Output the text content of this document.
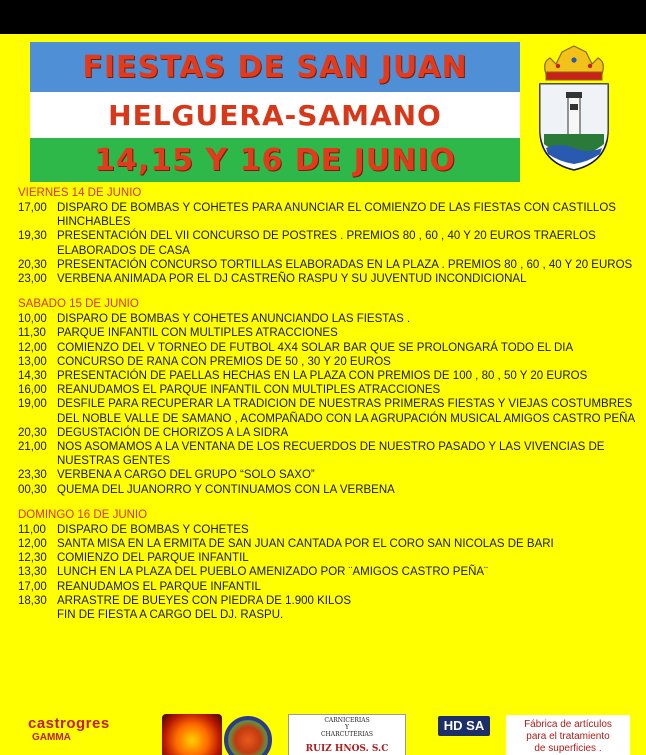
FIESTAS DE SAN JUAN
HELGUERA-SAMANO
14,15 Y 16 DE JUNIO
VIERNES 14 DE JUNIO
17,00 DISPARO DE BOMBAS Y COHETES PARA ANUNCIAR EL COMIENZO DE LAS FIESTAS CON CASTILLOS HINCHABLES
19,30 PRESENTACIÓN DEL VII CONCURSO DE POSTRES . PREMIOS 80 , 60 , 40 Y 20 EUROS TRAERLOS ELABORADOS DE CASA
20,30 PRESENTACIÓN CONCURSO TORTILLAS ELABORADAS EN LA PLAZA . PREMIOS 80 , 60 , 40 Y 20 EUROS
23,00 VERBENA ANIMADA POR EL DJ CASTREÑO RASPU Y SU JUVENTUD INCONDICIONAL
SABADO 15 DE JUNIO
10,00 DISPARO DE BOMBAS Y COHETES ANUNCIANDO LAS FIESTAS .
11,30 PARQUE INFANTIL CON MULTIPLES ATRACCIONES
12,00 COMIENZO DEL V TORNEO DE FUTBOL 4X4 SOLAR BAR QUE SE PROLONGARÁ TODO EL DIA
13,00 CONCURSO DE RANA CON PREMIOS DE 50 , 30 Y 20 EUROS
14,30 PRESENTACIÓN DE PAELLAS HECHAS EN LA PLAZA CON PREMIOS DE 100 , 80 , 50 Y 20 EUROS
16,00 REANUDAMOS EL PARQUE INFANTIL CON MULTIPLES ATRACCIONES
19,00 DESFILE PARA RECUPERAR LA TRADICION DE NUESTRAS PRIMERAS FIESTAS Y VIEJAS COSTUMBRES DEL NOBLE VALLE DE SAMANO , ACOMPAÑADO CON LA AGRUPACIÓN MUSICAL AMIGOS CASTRO PEÑA
20,30 DEGUSTACIÓN DE CHORIZOS A LA SIDRA
21,00 NOS ASOMAMOS A LA VENTANA DE LOS RECUERDOS DE NUESTRO PASADO Y LAS VIVENCIAS DE NUESTRAS GENTES
23,30 VERBENA A CARGO DEL GRUPO “SOLO SAXO”
00,30 QUEMA DEL JUANORRO Y CONTINUAMOS CON LA VERBENA
DOMINGO 16 DE JUNIO
11,00 DISPARO DE BOMBAS Y COHETES
12,00 SANTA MISA EN LA ERMITA DE SAN JUAN CANTADA POR EL CORO SAN NICOLAS DE BARI
12,30 COMIENZO DEL PARQUE INFANTIL
13,30 LUNCH EN LA PLAZA DEL PUEBLO AMENIZADO POR ¨AMIGOS CASTRO PEÑA¨
17,00 REANUDAMOS EL PARQUE INFANTIL
18,30 ARRASTRE DE BUEYES CON PIEDRA DE 1.900 KILOS
FIN DE FIESTA A CARGO DEL DJ. RASPU.
castrogres
GAMMA
CARNICERIAS
Y
CHARCUTERIAS
RUIZ HNOS. S.C
HD SA	Fábrica de artículos
para el tratamiento
de superficies .
